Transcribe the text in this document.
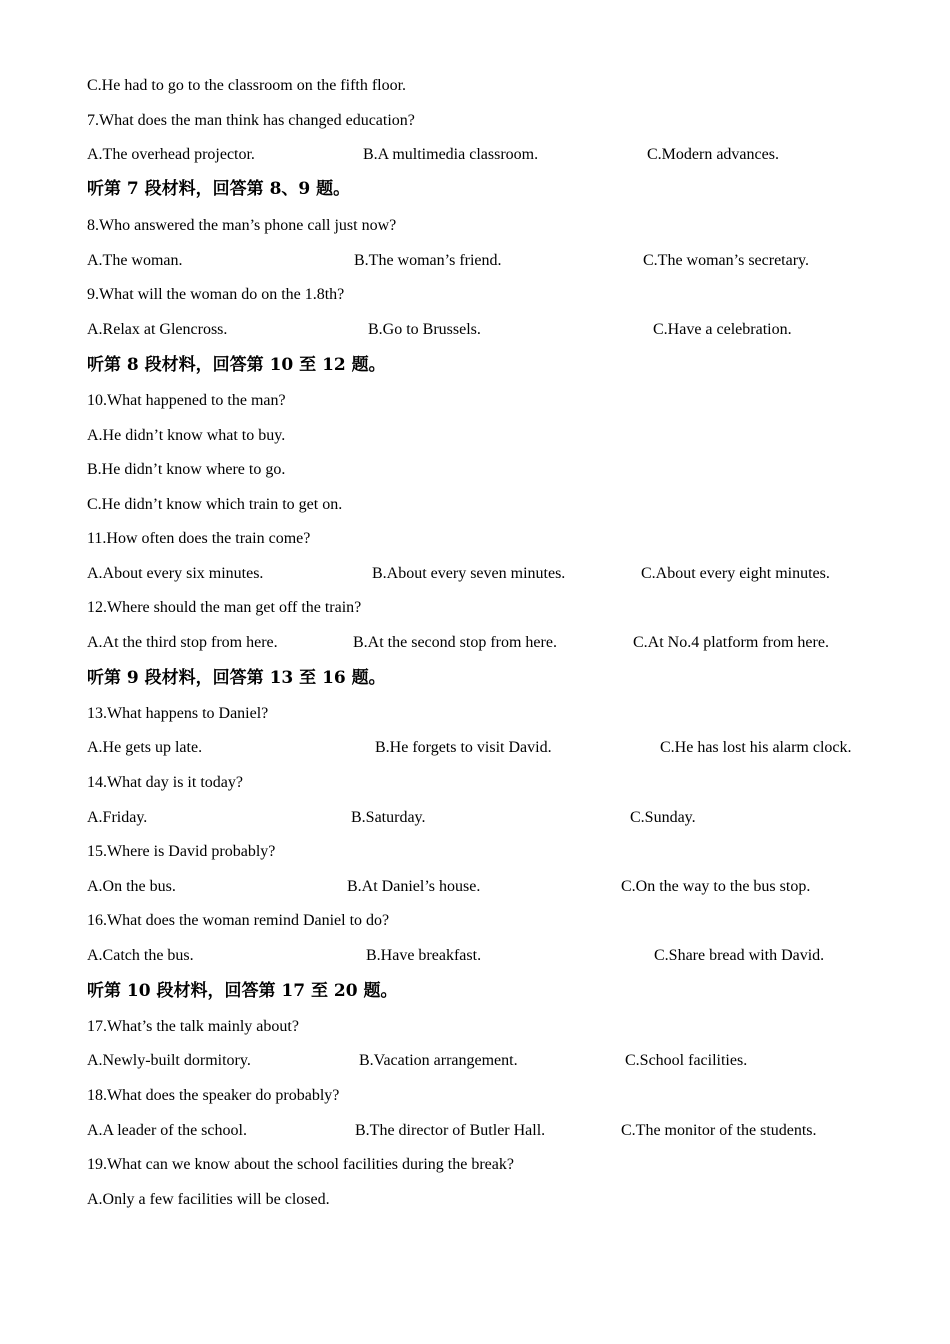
C.He had to go to the classroom on the fifth floor.
7.What does the man think has changed education?
A.The overhead projector.	B.A multimedia classroom.	C.Modern advances.
听第 7 段材料，回答第 8、9 题。
8.Who answered the man’s phone call just now?
A.The woman.	B.The woman’s friend.	C.The woman’s secretary.
9.What will the woman do on the 1.8th?
A.Relax at Glencross.	B.Go to Brussels.	C.Have a celebration.
听第 8 段材料，回答第 10 至 12 题。
10.What happened to the man?
A.He didn’t know what to buy.
B.He didn’t know where to go.
C.He didn’t know which train to get on.
11.How often does the train come?
A.About every six minutes.	B.About every seven minutes.	C.About every eight minutes.
12.Where should the man get off the train?
A.At the third stop from here.	B.At the second stop from here.	C.At No.4 platform from here.
听第 9 段材料，回答第 13 至 16 题。
13.What happens to Daniel?
A.He gets up late.	B.He forgets to visit David.	C.He has lost his alarm clock.
14.What day is it today?
A.Friday.	B.Saturday.	C.Sunday.
15.Where is David probably?
A.On the bus.	B.At Daniel’s house.	C.On the way to the bus stop.
16.What does the woman remind Daniel to do?
A.Catch the bus.	B.Have breakfast.	C.Share bread with David.
听第 10 段材料，回答第 17 至 20 题。
17.What’s the talk mainly about?
A.Newly-built dormitory.	B.Vacation arrangement.	C.School facilities.
18.What does the speaker do probably?
A.A leader of the school.	B.The director of Butler Hall.	C.The monitor of the students.
19.What can we know about the school facilities during the break?
A.Only a few facilities will be closed.
